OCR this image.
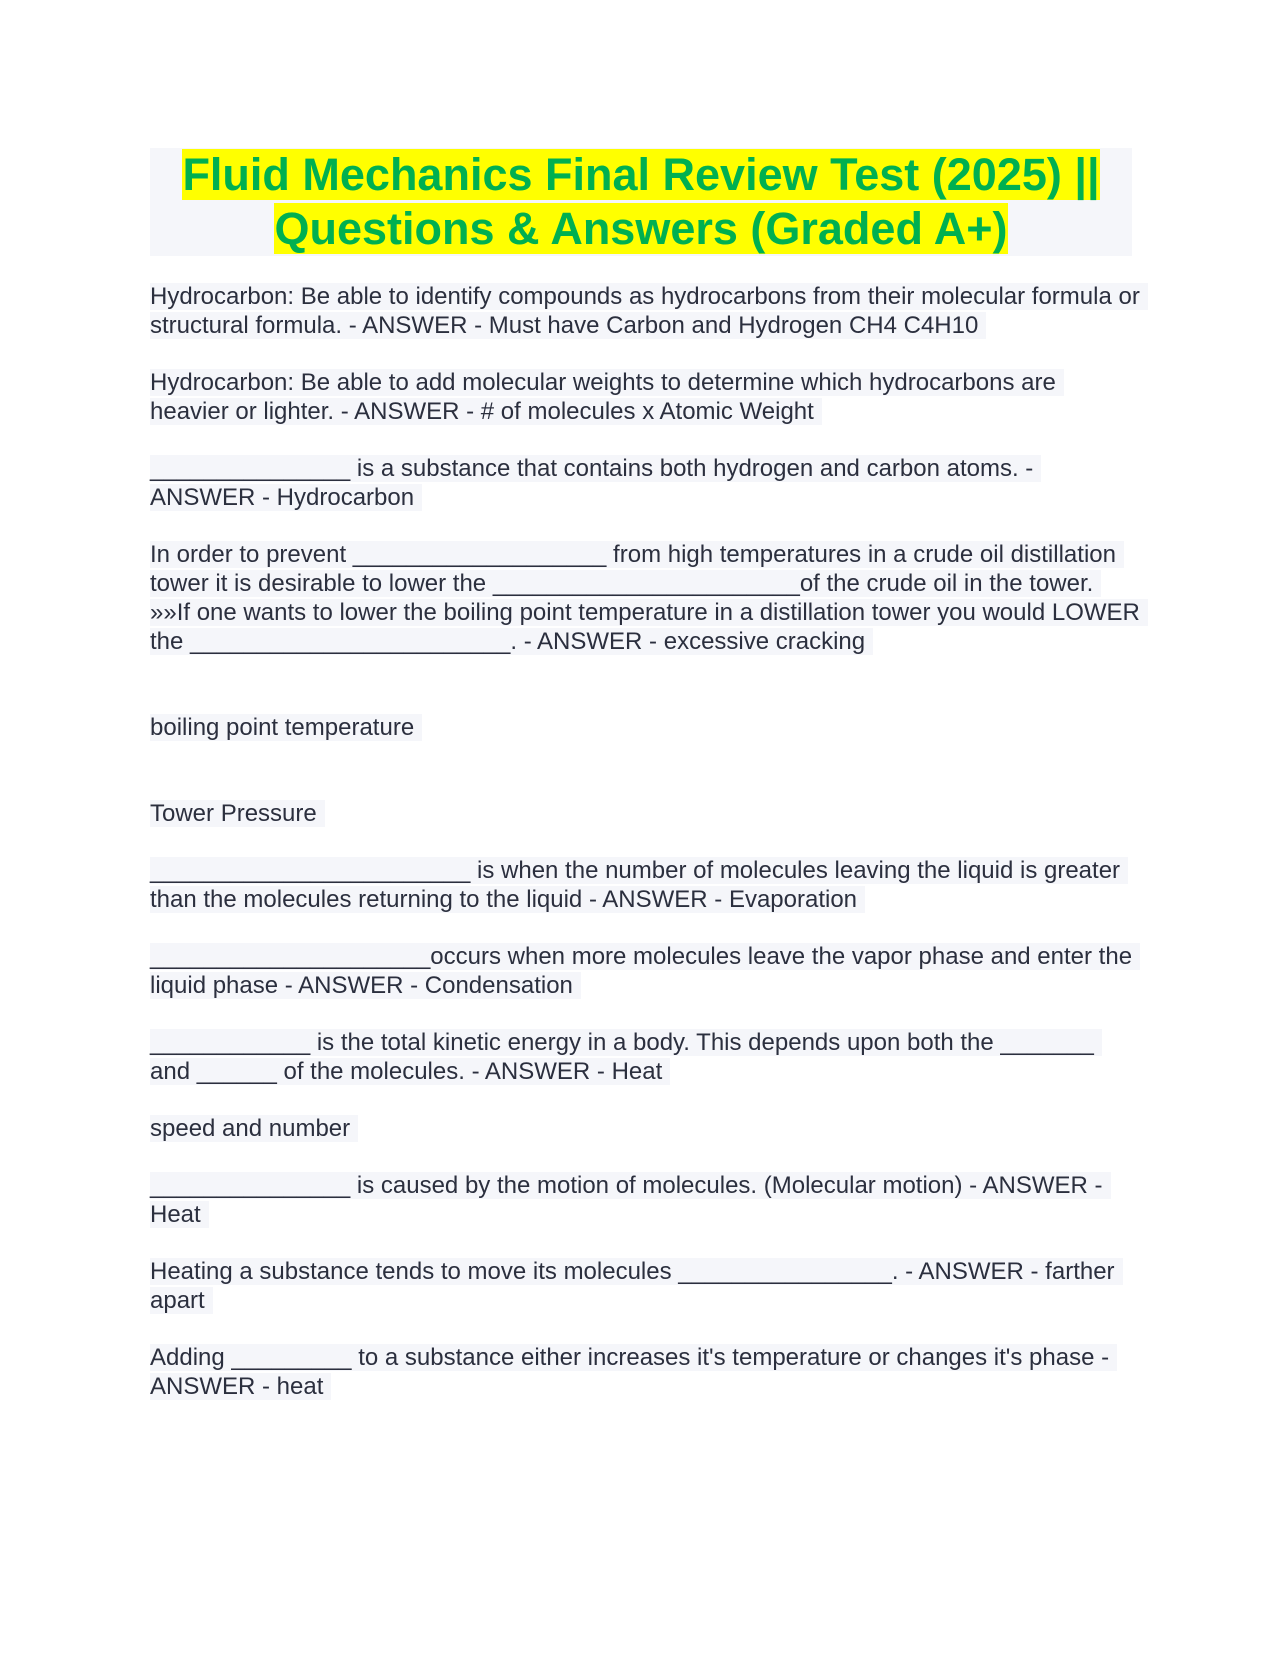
Fluid Mechanics Final Review Test (2025) ||
Questions & Answers (Graded A+)

Hydrocarbon: Be able to identify compounds as hydrocarbons from their molecular formula or structural formula. - ANSWER - Must have Carbon and Hydrogen CH4 C4H10

Hydrocarbon: Be able to add molecular weights to determine which hydrocarbons are heavier or lighter. - ANSWER - # of molecules x Atomic Weight

_______________ is a substance that contains both hydrogen and carbon atoms. - ANSWER - Hydrocarbon

In order to prevent ___________________ from high temperatures in a crude oil distillation tower it is desirable to lower the _______________________of the crude oil in the tower. »»If one wants to lower the boiling point temperature in a distillation tower you would LOWER the ________________________. - ANSWER - excessive cracking

boiling point temperature

Tower Pressure

________________________ is when the number of molecules leaving the liquid is greater than the molecules returning to the liquid - ANSWER - Evaporation

_____________________occurs when more molecules leave the vapor phase and enter the liquid phase - ANSWER - Condensation

____________ is the total kinetic energy in a body. This depends upon both the _______ and ______ of the molecules. - ANSWER - Heat

speed and number

_______________ is caused by the motion of molecules. (Molecular motion) - ANSWER - Heat

Heating a substance tends to move its molecules ________________. - ANSWER - farther apart

Adding _________ to a substance either increases it's temperature or changes it's phase - ANSWER - heat
